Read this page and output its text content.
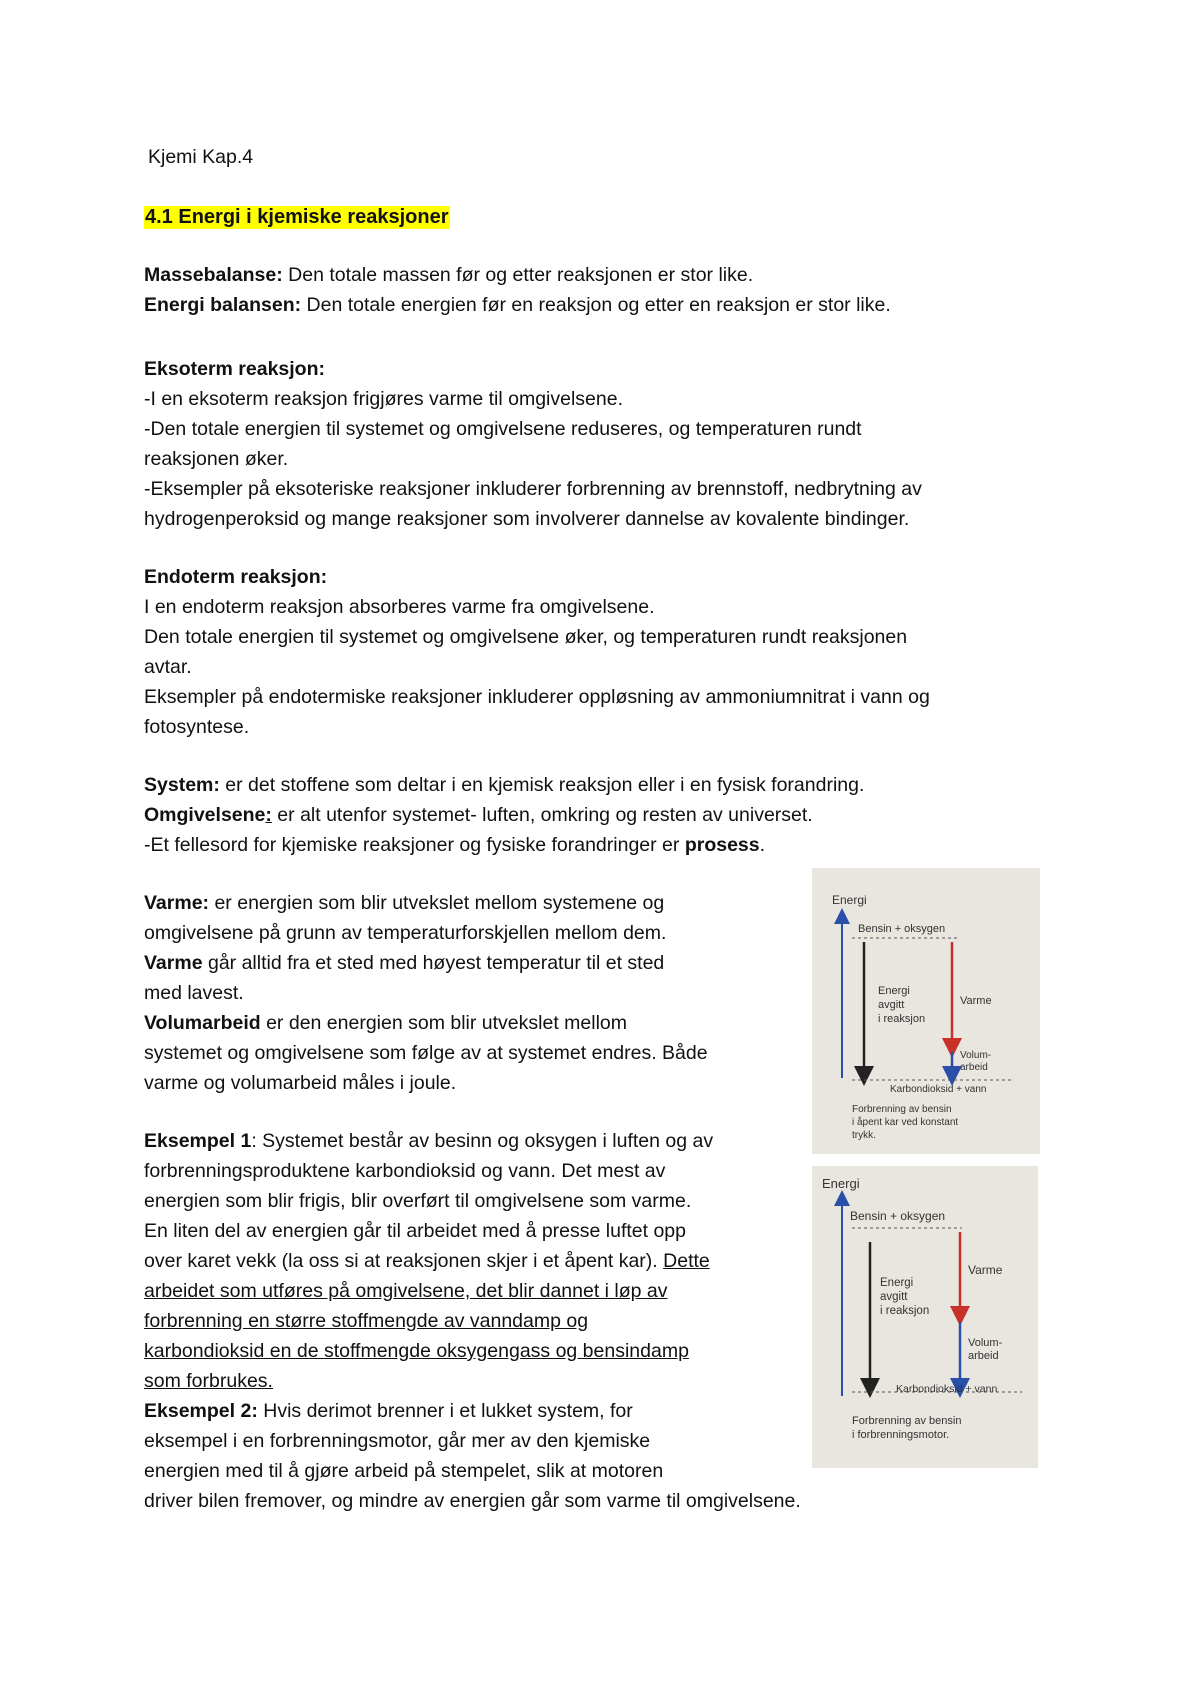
Kjemi Kap.4
4.1 Energi i kjemiske reaksjoner
Massebalanse: Den totale massen før og etter reaksjonen er stor like.
Energi balansen: Den totale energien før en reaksjon og etter en reaksjon er stor like.
Eksoterm reaksjon:
-I en eksoterm reaksjon frigjøres varme til omgivelsene.
-Den totale energien til systemet og omgivelsene reduseres, og temperaturen rundt
reaksjonen øker.
-Eksempler på eksoteriske reaksjoner inkluderer forbrenning av brennstoff, nedbrytning av
hydrogenperoksid og mange reaksjoner som involverer dannelse av kovalente bindinger.
Endoterm reaksjon:
I en endoterm reaksjon absorberes varme fra omgivelsene.
Den totale energien til systemet og omgivelsene øker, og temperaturen rundt reaksjonen
avtar.
Eksempler på endotermiske reaksjoner inkluderer oppløsning av ammoniumnitrat i vann og
fotosyntese.
System: er det stoffene som deltar i en kjemisk reaksjon eller i en fysisk forandring.
Omgivelsene: er alt utenfor systemet- luften, omkring og resten av universet.
-Et fellesord for kjemiske reaksjoner og fysiske forandringer er prosess.
Varme: er energien som blir utvekslet mellom systemene og
omgivelsene på grunn av temperaturforskjellen mellom dem.
Varme går alltid fra et sted med høyest temperatur til et sted
med lavest.
Volumarbeid er den energien som blir utvekslet mellom
systemet og omgivelsene som følge av at systemet endres. Både
varme og volumarbeid måles i joule.
Eksempel 1: Systemet består av besinn og oksygen i luften og av
forbrenningsproduktene karbondioksid og vann. Det mest av
energien som blir frigis, blir overført til omgivelsene som varme.
En liten del av energien går til arbeidet med å presse luftet opp
over karet vekk (la oss si at reaksjonen skjer i et åpent kar). Dette
arbeidet som utføres på omgivelsene, det blir dannet i løp av
forbrenning en større stoffmengde av vanndamp og
karbondioksid en de stoffmengde oksygengass og bensindamp
som forbrukes.
Eksempel 2: Hvis derimot brenner i et lukket system, for
eksempel i en forbrenningsmotor, går mer av den kjemiske
energien med til å gjøre arbeid på stempelet, slik at motoren
driver bilen fremover, og mindre av energien går som varme til omgivelsene.
Energi
Bensin + oksygen
Energi
avgitt
i reaksjon
Varme
Volum-
arbeid
Karbondioksid + vann
Forbrenning av bensin
i åpent kar ved konstant
trykk.
Energi
Bensin + oksygen
Energi
avgitt
i reaksjon
Varme
Volum-
arbeid
Karbondioksid + vann
Forbrenning av bensin
i forbrenningsmotor.
